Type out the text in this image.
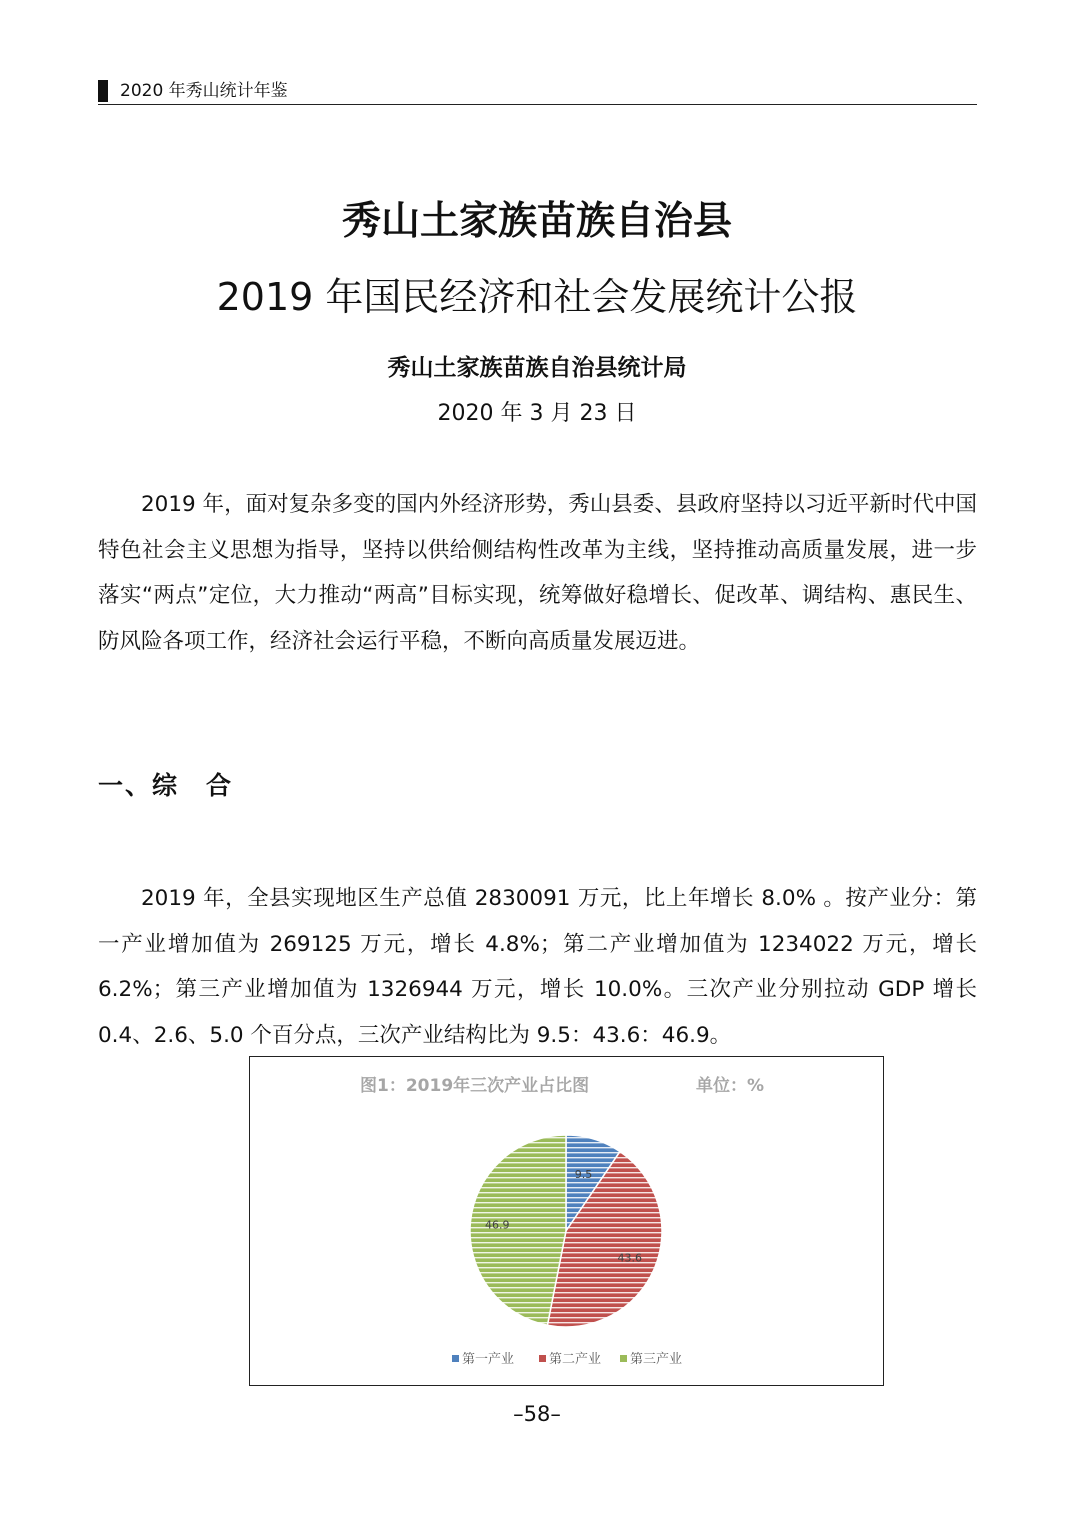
2020 年秀山统计年鉴
秀山土家族苗族自治县
2019 年国民经济和社会发展统计公报
秀山土家族苗族自治县统计局
2020 年 3 月 23 日

2019 年，面对复杂多变的国内外经济形势，秀山县委、县政府坚持以习近平新时代中国特色社会主义思想为指导，坚持以供给侧结构性改革为主线，坚持推动高质量发展，进一步落实“两点”定位，大力推动“两高”目标实现，统筹做好稳增长、促改革、调结构、惠民生、防风险各项工作，经济社会运行平稳，不断向高质量发展迈进。

一、综　合

2019 年，全县实现地区生产总值 2830091 万元，比上年增长 8.0% 。按产业分：第一产业增加值为 269125 万元，增长 4.8%；第二产业增加值为 1234022 万元，增长 6.2%；第三产业增加值为 1326944 万元，增长 10.0%。三次产业分别拉动 GDP 增长 0.4、2.6、5.0 个百分点，三次产业结构比为 9.5：43.6：46.9。

图1：2019年三次产业占比图	单位：%
9.5
43.6
46.9
第一产业	第二产业 第三产业
–58–
